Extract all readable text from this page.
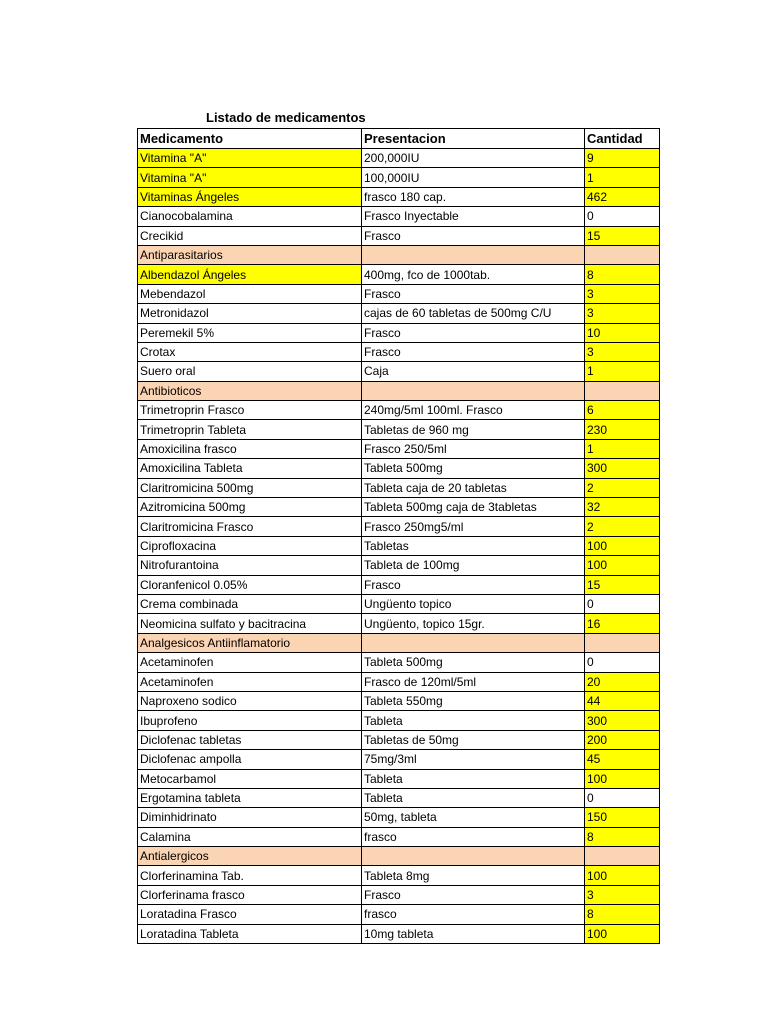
Listado de medicamentos
Medicamento	Presentacion	Cantidad
Vitamina "A"	200,000IU	9
Vitamina "A"	100,000IU	1
Vitaminas Ángeles	frasco 180 cap.	462
Cianocobalamina	Frasco Inyectable	0
Crecikid	Frasco	15
Antiparasitarios		
Albendazol Ángeles	400mg, fco de 1000tab.	8
Mebendazol	Frasco	3
Metronidazol	cajas de 60 tabletas de 500mg C/U	3
Peremekil 5%	Frasco	10
Crotax	Frasco	3
Suero oral	Caja	1
Antibioticos		
Trimetroprin Frasco	240mg/5ml 100ml. Frasco	6
Trimetroprin Tableta	Tabletas de 960 mg	230
Amoxicilina frasco	Frasco 250/5ml	1
Amoxicilina Tableta	Tableta 500mg	300
Claritromicina 500mg	Tableta caja de 20 tabletas	2
Azitromicina 500mg	Tableta 500mg caja de 3tabletas	32
Claritromicina Frasco	Frasco 250mg5/ml	2
Ciprofloxacina	Tabletas	100
Nitrofurantoina	Tableta de 100mg	100
Cloranfenicol 0.05%	Frasco	15
Crema combinada	Ungüento topico	0
Neomicina sulfato y bacitracina	Ungüento, topico 15gr.	16
Analgesicos Antiinflamatorio		
Acetaminofen	Tableta 500mg	0
Acetaminofen	Frasco de 120ml/5ml	20
Naproxeno sodico	Tableta 550mg	44
Ibuprofeno	Tableta	300
Diclofenac tabletas	Tabletas de 50mg	200
Diclofenac ampolla	75mg/3ml	45
Metocarbamol	Tableta	100
Ergotamina tableta	Tableta	0
Diminhidrinato	50mg, tableta	150
Calamina	frasco	8
Antialergicos		
Clorferinamina Tab.	Tableta 8mg	100
Clorferinama frasco	Frasco	3
Loratadina Frasco	frasco	8
Loratadina Tableta	10mg tableta	100
